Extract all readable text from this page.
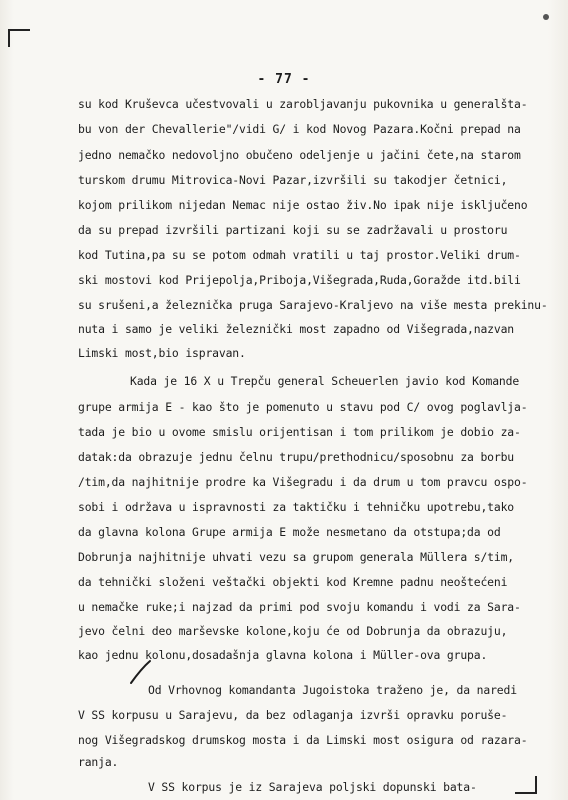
- 77 -
su kod Kruševca učestvovali u zarobljavanju pukovnika u generalšta-
bu von der Chevallerie"/vidi G/ i kod Novog Pazara.Kočni prepad na
jedno nemačko nedovoljno obučeno odeljenje u jačini čete,na starom
turskom drumu Mitrovica-Novi Pazar,izvršili su takodjer četnici,
kojom prilikom nijedan Nemac nije ostao živ.No ipak nije isključeno
da su prepad izvršili partizani koji su se zadržavali u prostoru
kod Tutina,pa su se potom odmah vratili u taj prostor.Veliki drum-
ski mostovi kod Prijepolja,Priboja,Višegrada,Ruda,Goražde itd.bili
su srušeni,a železnička pruga Sarajevo-Kraljevo na više mesta prekinu-
nuta i samo je veliki železnički most zapadno od Višegrada,nazvan
Limski most,bio ispravan.
Kada je 16 X u Trepču general Scheuerlen javio kod Komande
grupe armija E - kao što je pomenuto u stavu pod C/ ovog poglavlja-
tada je bio u ovome smislu orijentisan i tom prilikom je dobio za-
datak:da obrazuje jednu čelnu trupu/prethodnicu/sposobnu za borbu
/tim,da najhitnije prodre ka Višegradu i da drum u tom pravcu ospo-
sobi i održava u ispravnosti za taktičku i tehničku upotrebu,tako
da glavna kolona Grupe armija E može nesmetano da otstupa;da od
Dobrunja najhitnije uhvati vezu sa grupom generala Müllera s/tim,
da tehnički složeni veštački objekti kod Kremne padnu neoštećeni
u nemačke ruke;i najzad da primi pod svoju komandu i vodi za Sara-
jevo čelni deo marševske kolone,koju će od Dobrunja da obrazuju,
kao jednu kolonu,dosadašnja glavna kolona i Müller-ova grupa.
Od Vrhovnog komandanta Jugoistoka traženo je, da naredi
V SS korpusu u Sarajevu, da bez odlaganja izvrši opravku poruše-
nog Višegradskog drumskog mosta i da Limski most osigura od razara-
ranja.
V SS korpus je iz Sarajeva poljski dopunski bata-
